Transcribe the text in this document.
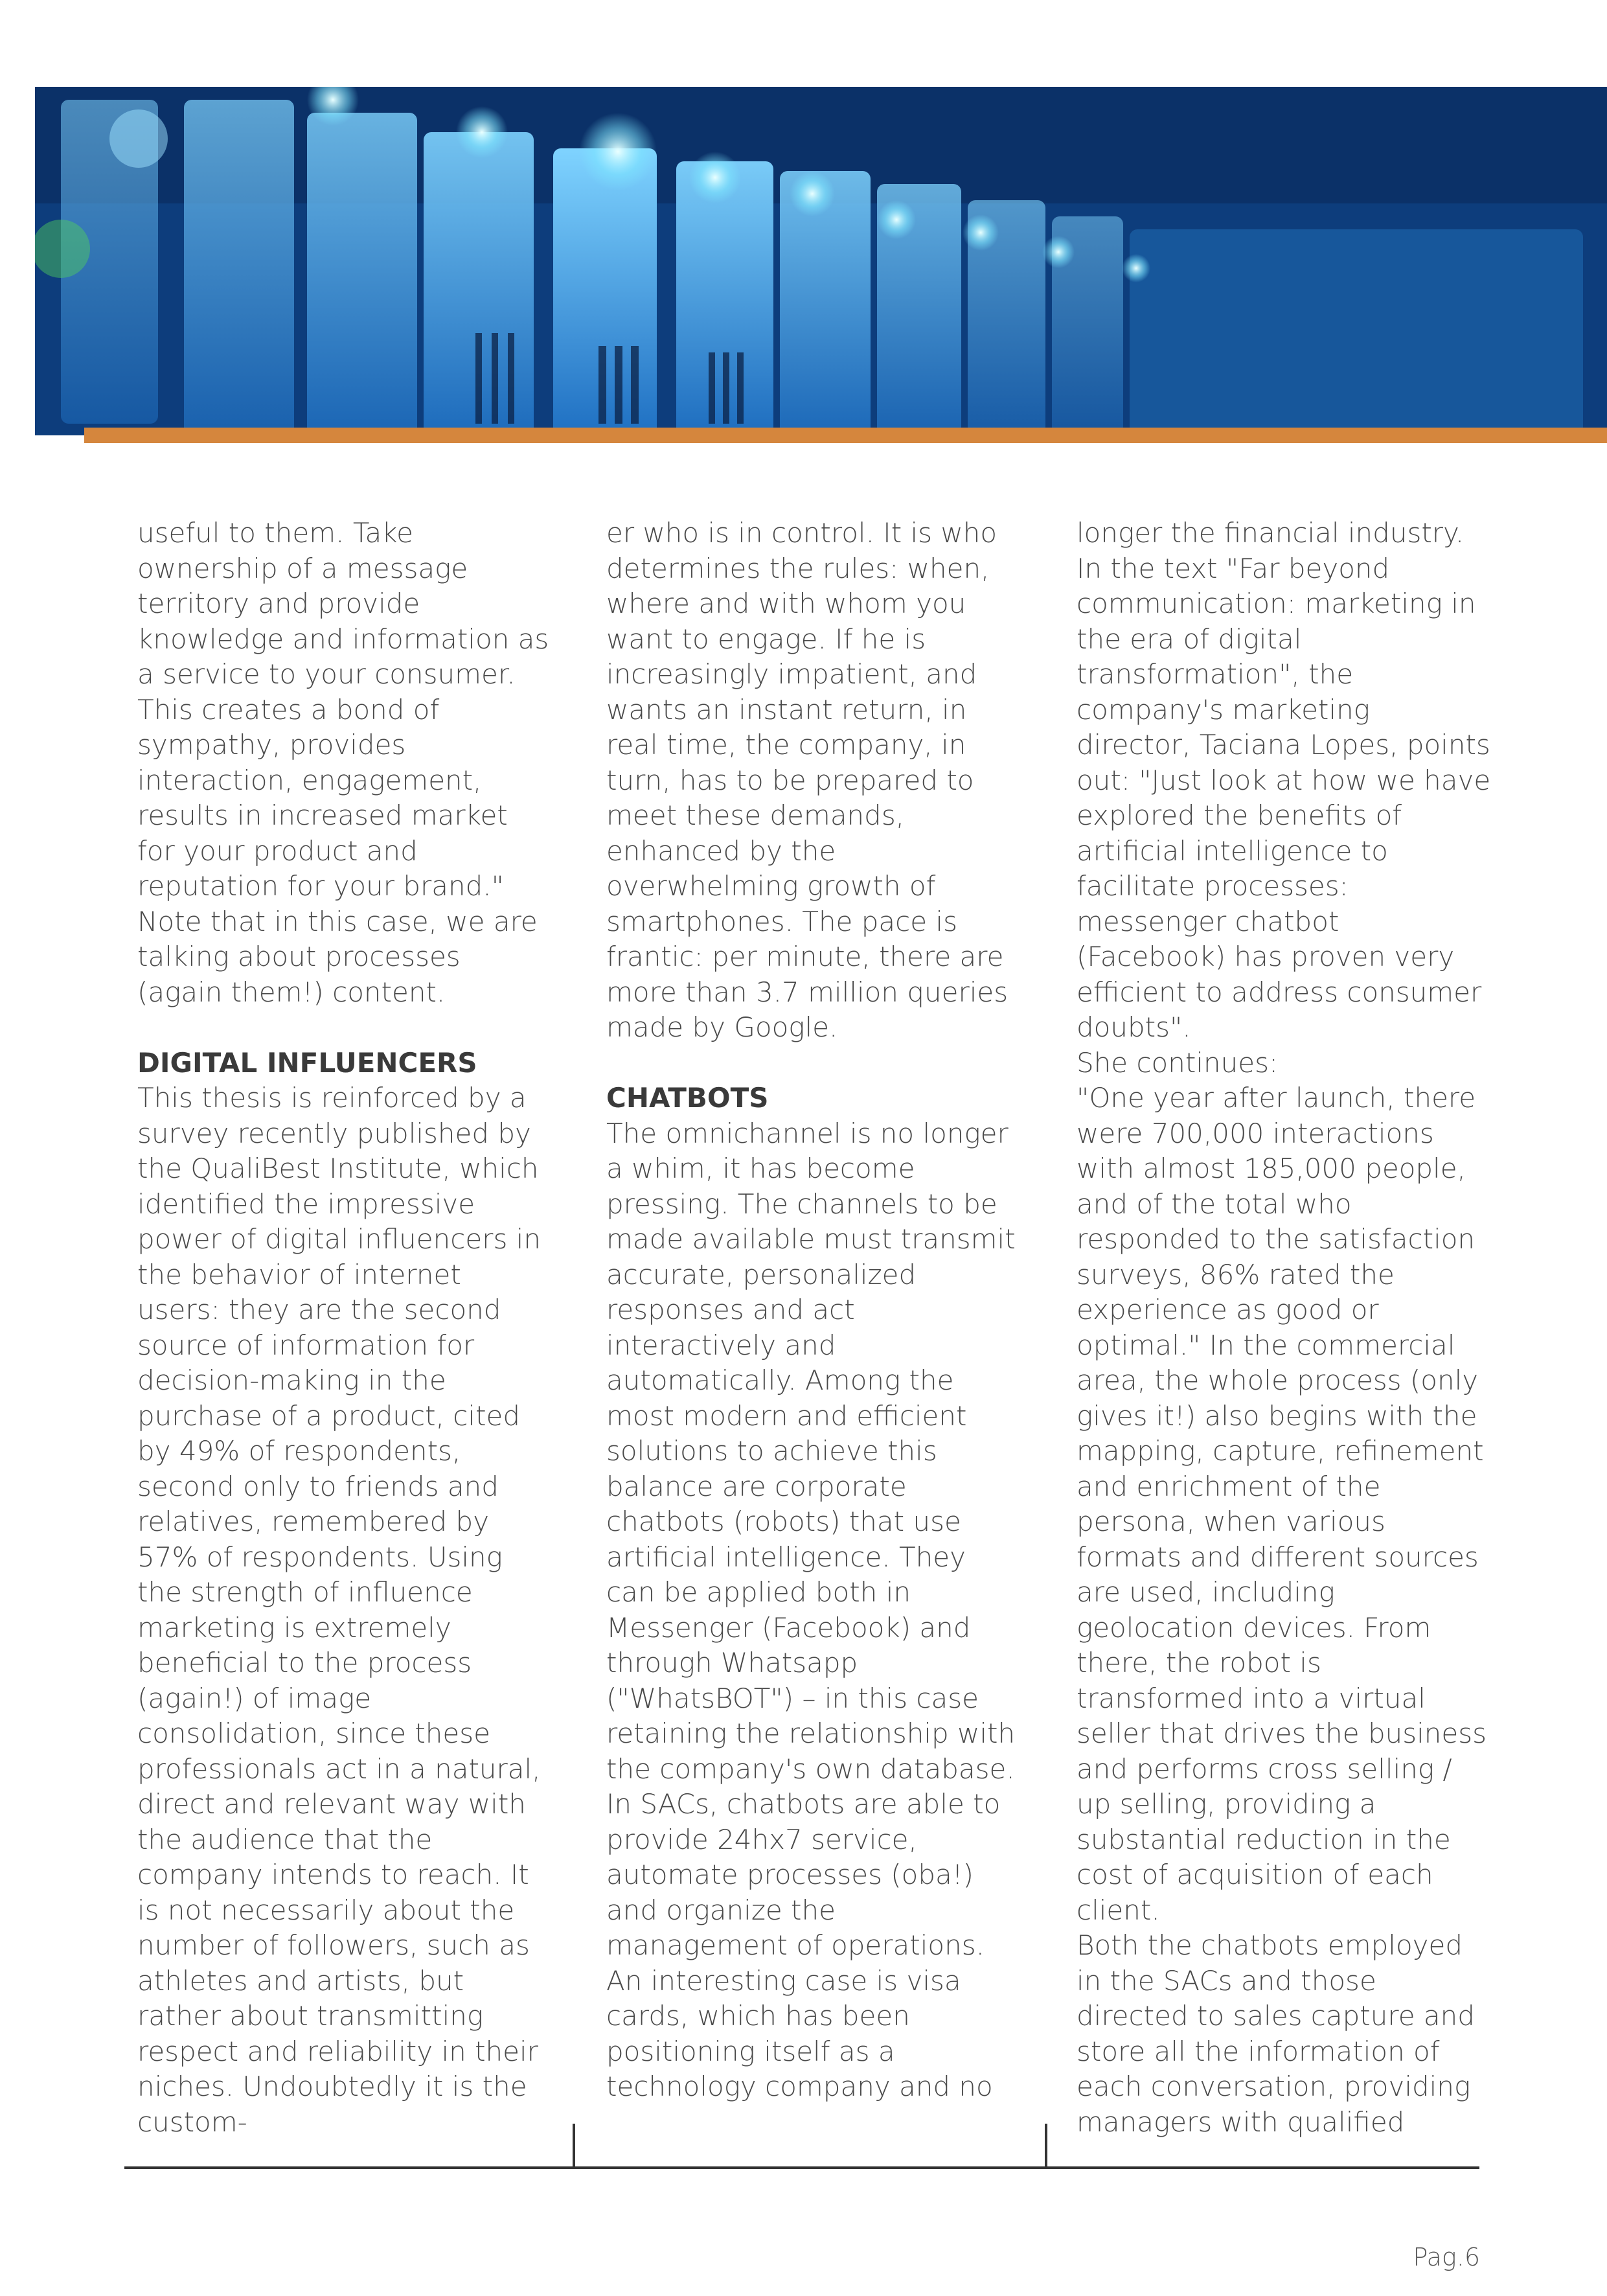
useful to them. Take ownership of a message territory and provide knowledge and information as a service to your consumer. This creates a bond of sympathy, provides interaction, engagement, results in increased market for your product and reputation for your brand." Note that in this case, we are talking about processes (again them!) content.

DIGITAL INFLUENCERS

This thesis is reinforced by a survey recently published by the QualiBest Institute, which identified the impressive power of digital influencers in the behavior of internet users: they are the second source of information for decision-making in the purchase of a product, cited by 49% of respondents, second only to friends and relatives, remembered by 57% of respondents. Using the strength of influence marketing is extremely beneficial to the process (again!) of image consolidation, since these professionals act in a natural, direct and relevant way with the audience that the company intends to reach. It is not necessarily about the number of followers, such as athletes and artists, but rather about transmitting respect and reliability in their niches. Undoubtedly it is the custom-

er who is in control. It is who determines the rules: when, where and with whom you want to engage. If he is increasingly impatient, and wants an instant return, in real time, the company, in turn, has to be prepared to meet these demands, enhanced by the overwhelming growth of smartphones. The pace is frantic: per minute, there are more than 3.7 million queries made by Google.

CHATBOTS

The omnichannel is no longer a whim, it has become pressing. The channels to be made available must transmit accurate, personalized responses and act interactively and automatically. Among the most modern and efficient solutions to achieve this balance are corporate chatbots (robots) that use artificial intelligence. They can be applied both in Messenger (Facebook) and through Whatsapp ("WhatsBOT") – in this case retaining the relationship with the company's own database.

In SACs, chatbots are able to provide 24hx7 service, automate processes (oba!) and organize the management of operations. An interesting case is visa cards, which has been positioning itself as a technology company and no

longer the financial industry. In the text "Far beyond communication: marketing in the era of digital transformation", the company's marketing director, Taciana Lopes, points out: "Just look at how we have explored the benefits of artificial intelligence to facilitate processes: messenger chatbot (Facebook) has proven very efficient to address consumer doubts".

She continues:

"One year after launch, there were 700,000 interactions with almost 185,000 people, and of the total who responded to the satisfaction surveys, 86% rated the experience as good or optimal." In the commercial area, the whole process (only gives it!) also begins with the mapping, capture, refinement and enrichment of the persona, when various formats and different sources are used, including geolocation devices. From there, the robot is transformed into a virtual seller that drives the business and performs cross selling / up selling, providing a substantial reduction in the cost of acquisition of each client.

Both the chatbots employed in the SACs and those directed to sales capture and store all the information of each conversation, providing managers with qualified

Pag.6
